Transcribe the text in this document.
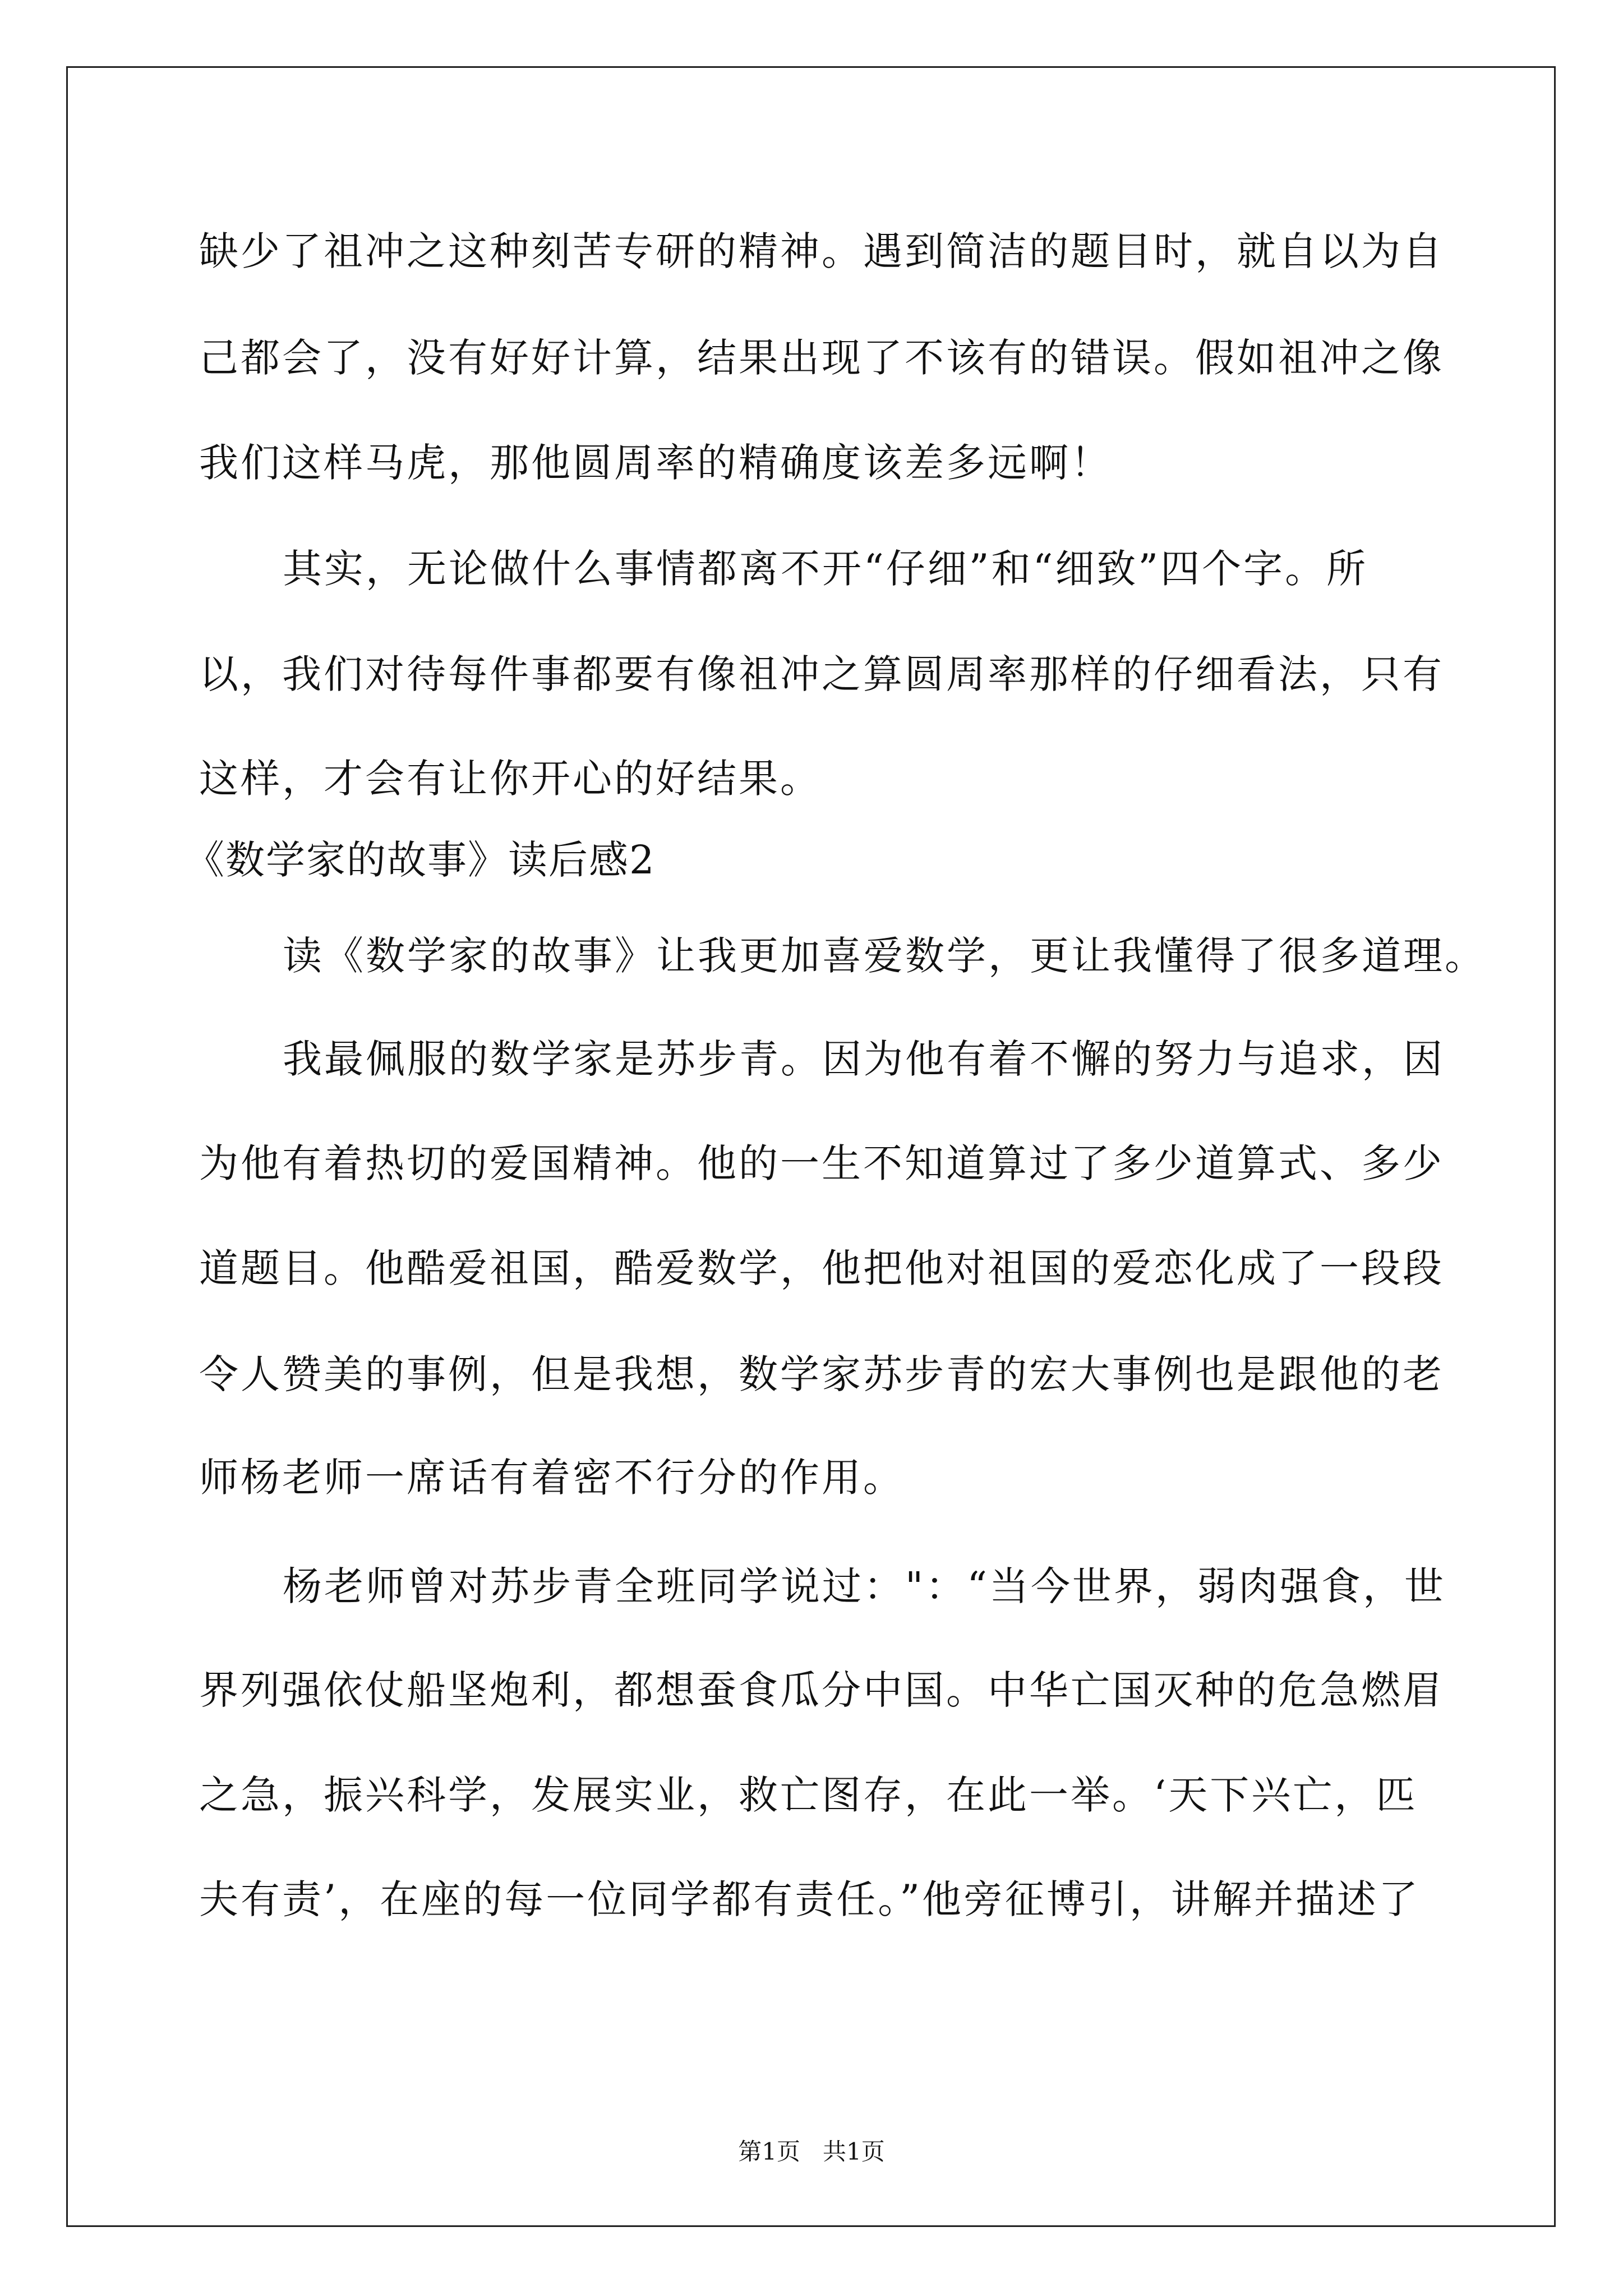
缺少了祖冲之这种刻苦专研的精神。遇到简洁的题目时，就自以为自
己都会了，没有好好计算，结果出现了不该有的错误。假如祖冲之像
我们这样马虎，那他圆周率的精确度该差多远啊！
其实，无论做什么事情都离不开“仔细”和“细致”四个字。所
以，我们对待每件事都要有像祖冲之算圆周率那样的仔细看法，只有
这样，才会有让你开心的好结果。
《数学家的故事》读后感2
读《数学家的故事》让我更加喜爱数学，更让我懂得了很多道理。
我最佩服的数学家是苏步青。因为他有着不懈的努力与追求，因
为他有着热切的爱国精神。他的一生不知道算过了多少道算式、多少
道题目。他酷爱祖国，酷爱数学，他把他对祖国的爱恋化成了一段段
令人赞美的事例，但是我想，数学家苏步青的宏大事例也是跟他的老
师杨老师一席话有着密不行分的作用。
杨老师曾对苏步青全班同学说过："：“当今世界，弱肉强食，世
界列强依仗船坚炮利，都想蚕食瓜分中国。中华亡国灭种的危急燃眉
之急，振兴科学，发展实业，救亡图存，在此一举。‘天下兴亡，匹
夫有责’，在座的每一位同学都有责任。”他旁征博引，讲解并描述了
第1页 共1页
